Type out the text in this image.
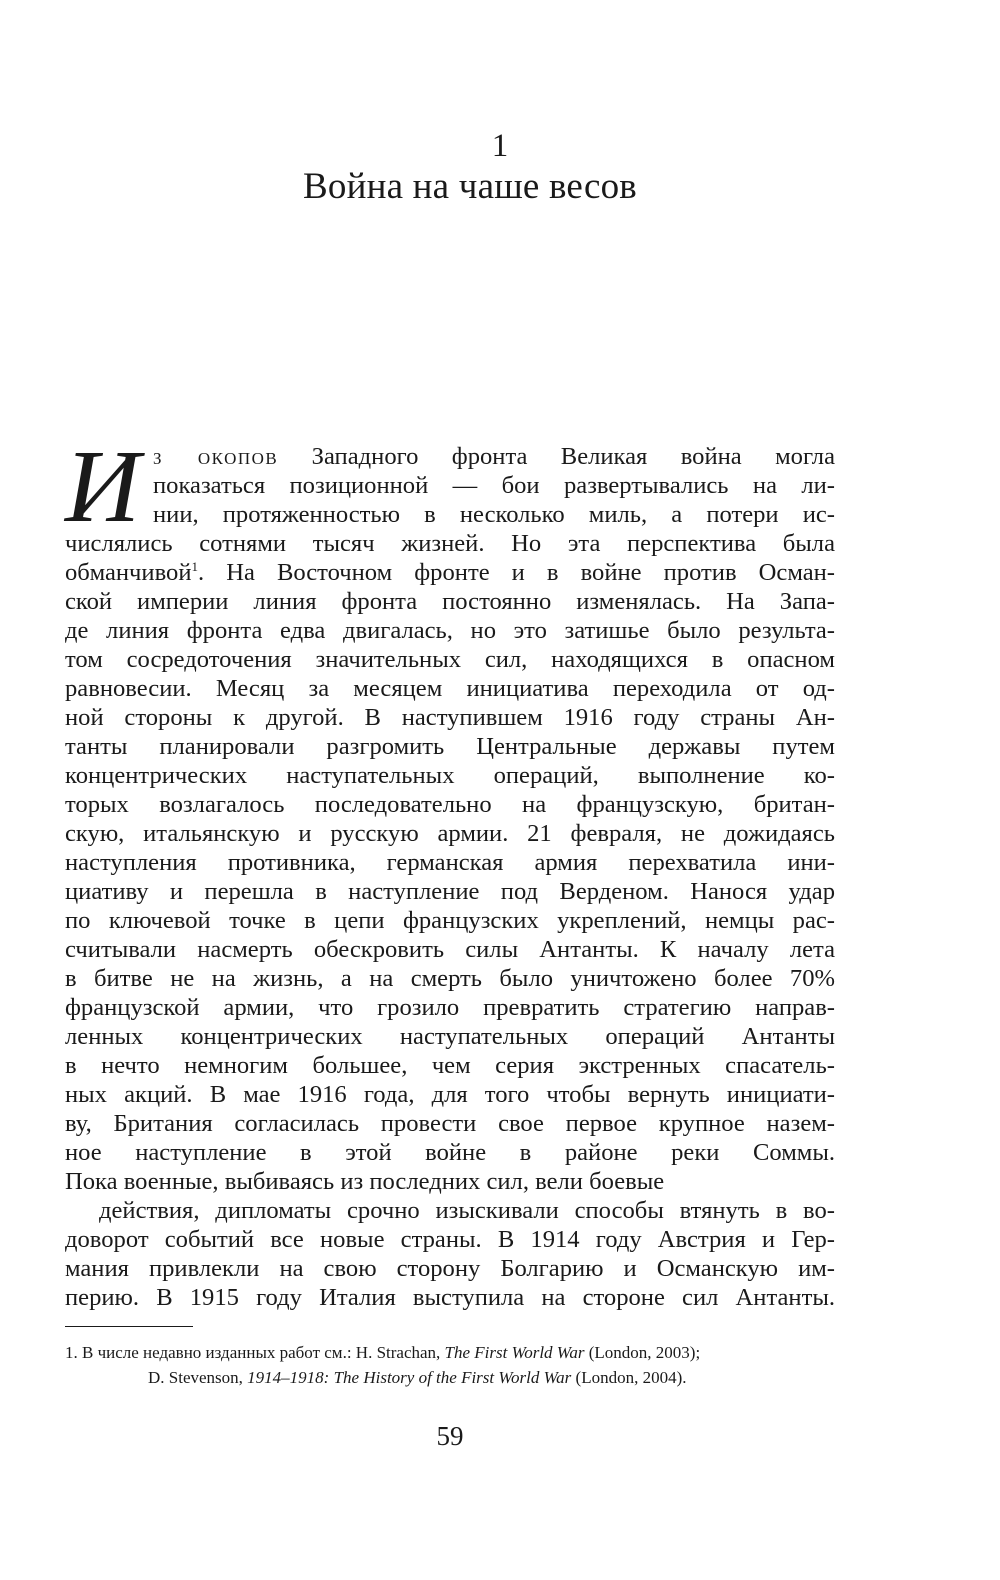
1
Война на чаше весов
И з окопов Западного фронта Великая война могла
показаться позиционной — бои развертывались на ли-
нии, протяженностью в несколько миль, а потери ис-
числялись сотнями тысяч жизней. Но эта перспектива была
обманчивой$^1$. На Восточном фронте и в войне против Осман-
ской империи линия фронта постоянно изменялась. На Запа-
де линия фронта едва двигалась, но это затишье было результа-
том сосредоточения значительных сил, находящихся в опасном
равновесии. Месяц за месяцем инициатива переходила от од-
ной стороны к другой. В наступившем 1916 году страны Ан-
танты планировали разгромить Центральные державы путем
концентрических наступательных операций, выполнение ко-
торых возлагалось последовательно на французскую, британ-
скую, итальянскую и русскую армии. 21 февраля, не дожидаясь
наступления противника, германская армия перехватила ини-
циативу и перешла в наступление под Верденом. Нанося удар
по ключевой точке в цепи французских укреплений, немцы рас-
считывали насмерть обескровить силы Антанты. К началу лета
в битве не на жизнь, а на смерть было уничтожено более 70%
французской армии, что грозило превратить стратегию направ-
ленных концентрических наступательных операций Антанты
в нечто немногим большее, чем серия экстренных спасатель-
ных акций. В мае 1916 года, для того чтобы вернуть инициати-
ву, Британия согласилась провести свое первое крупное назем-
ное наступление в этой войне в районе реки Соммы.
Пока военные, выбиваясь из последних сил, вели боевые
действия, дипломаты срочно изыскивали способы втянуть в во-
доворот событий все новые страны. В 1914 году Австрия и Гер-
мания привлекли на свою сторону Болгарию и Османскую им-
перию. В 1915 году Италия выступила на стороне сил Антанты.
1. В числе недавно изданных работ см.: H. Strachan, The First World War (London, 2003);
D. Stevenson, 1914–1918: The History of the First World War (London, 2004).
59
